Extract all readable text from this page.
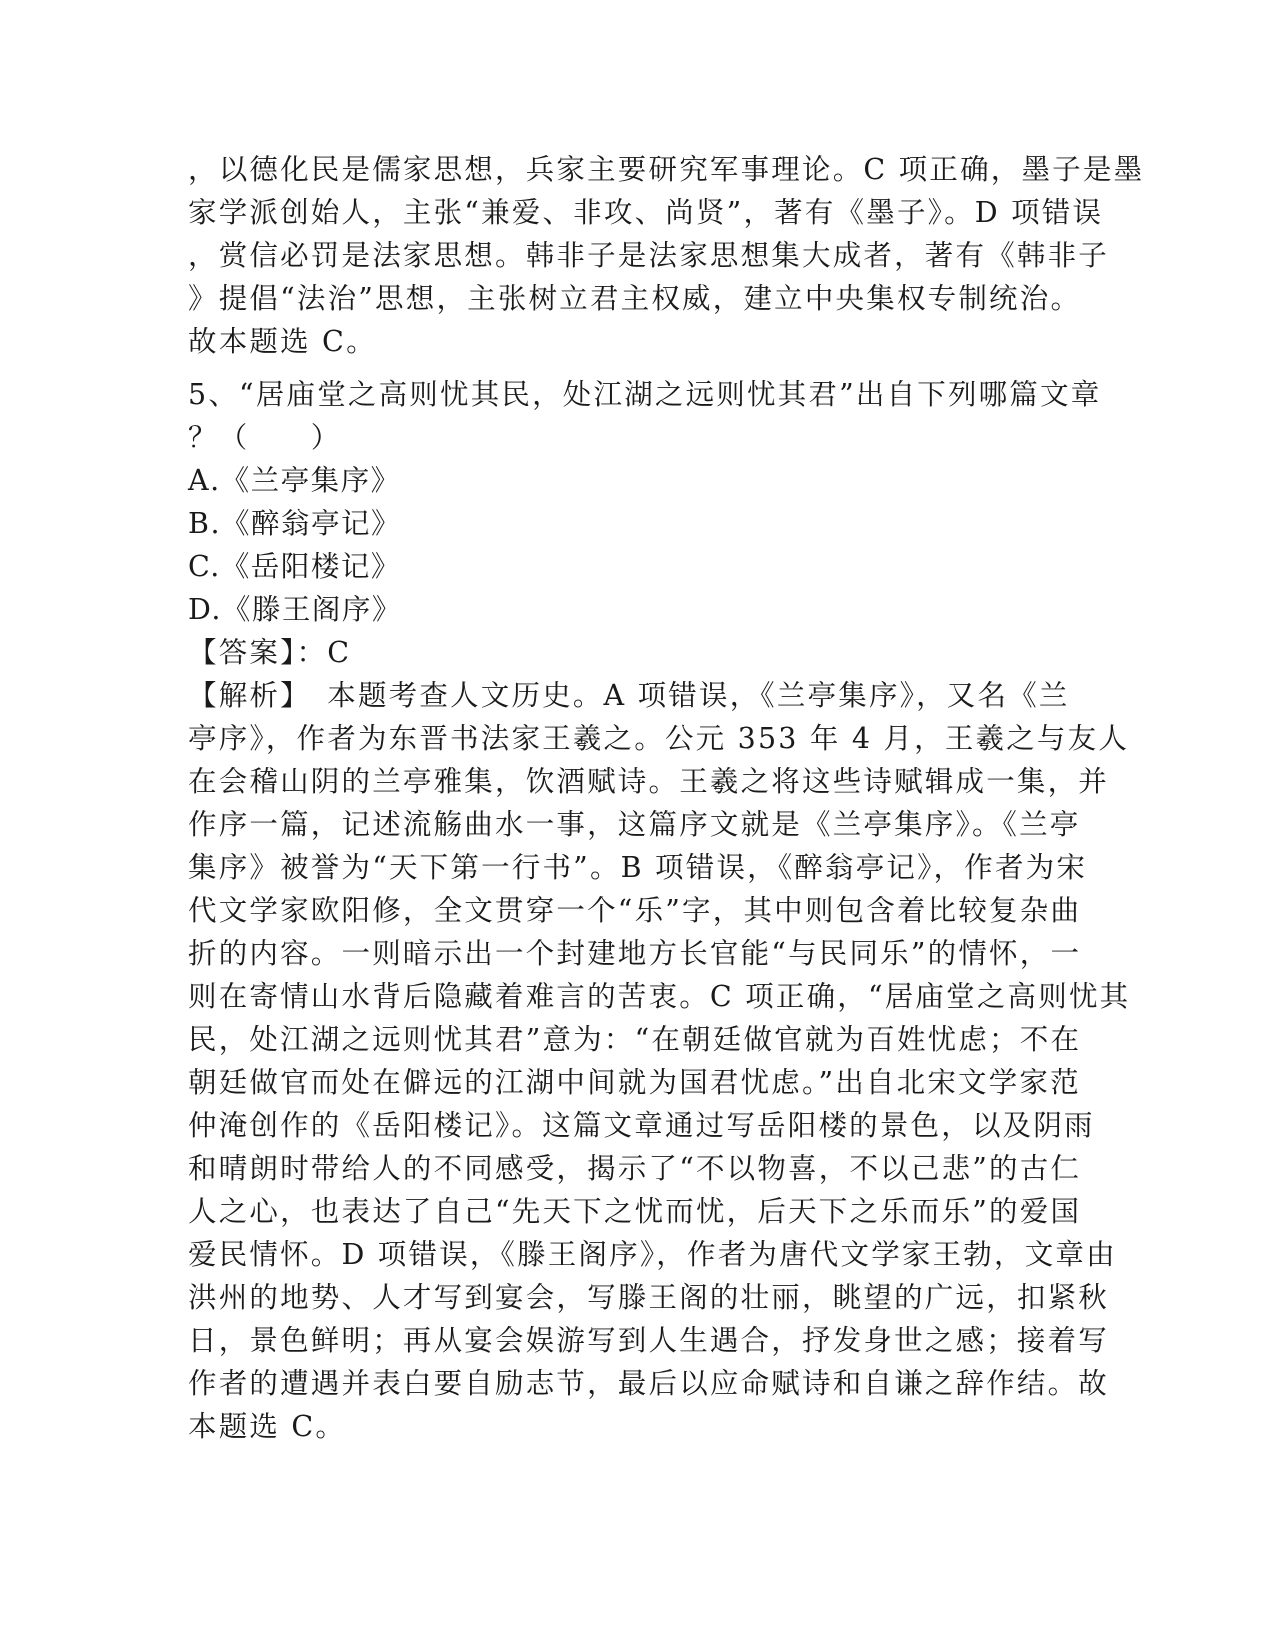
，以德化民是儒家思想，兵家主要研究军事理论。C 项正确，墨子是墨
家学派创始人，主张“兼爱、非攻、尚贤”，著有《墨子》。D 项错误
，赏信必罚是法家思想。韩非子是法家思想集大成者，著有《韩非子
》提倡“法治”思想，主张树立君主权威，建立中央集权专制统治。
故本题选 C。
5、“居庙堂之高则忧其民，处江湖之远则忧其君”出自下列哪篇文章
？（　　）
A.《兰亭集序》
B.《醉翁亭记》
C.《岳阳楼记》
D.《滕王阁序》
【答案】：C
【解析】　本题考查人文历史。A 项错误，《兰亭集序》，又名《兰
亭序》，作者为东晋书法家王羲之。公元 353 年 4 月，王羲之与友人
在会稽山阴的兰亭雅集，饮酒赋诗。王羲之将这些诗赋辑成一集，并
作序一篇，记述流觞曲水一事，这篇序文就是《兰亭集序》。《兰亭
集序》被誉为“天下第一行书”。B 项错误，《醉翁亭记》，作者为宋
代文学家欧阳修，全文贯穿一个“乐”字，其中则包含着比较复杂曲
折的内容。一则暗示出一个封建地方长官能“与民同乐”的情怀，一
则在寄情山水背后隐藏着难言的苦衷。C 项正确，“居庙堂之高则忧其
民，处江湖之远则忧其君”意为：“在朝廷做官就为百姓忧虑；不在
朝廷做官而处在僻远的江湖中间就为国君忧虑。”出自北宋文学家范
仲淹创作的《岳阳楼记》。这篇文章通过写岳阳楼的景色，以及阴雨
和晴朗时带给人的不同感受，揭示了“不以物喜，不以己悲”的古仁
人之心，也表达了自己“先天下之忧而忧，后天下之乐而乐”的爱国
爱民情怀。D 项错误，《滕王阁序》，作者为唐代文学家王勃，文章由
洪州的地势、人才写到宴会，写滕王阁的壮丽，眺望的广远，扣紧秋
日，景色鲜明；再从宴会娱游写到人生遇合，抒发身世之感；接着写
作者的遭遇并表白要自励志节，最后以应命赋诗和自谦之辞作结。故
本题选 C。
